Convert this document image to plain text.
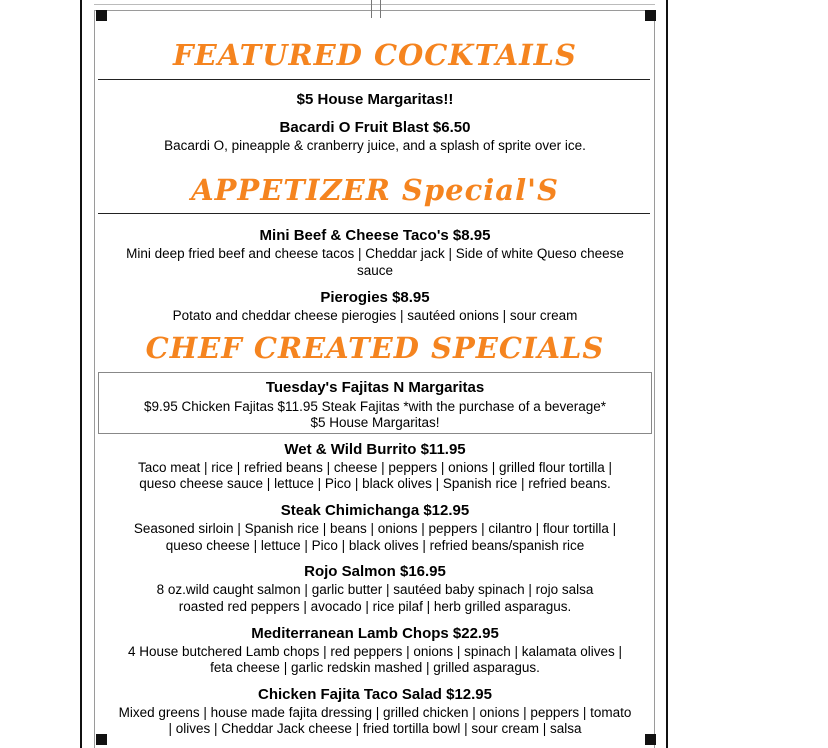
FEATURED COCKTAILS
$5 House Margaritas!!
Bacardi O Fruit Blast $6.50
Bacardi O, pineapple & cranberry juice, and a splash of sprite over ice.
APPETIZER Special'S
Mini Beef & Cheese Taco's $8.95
Mini deep fried beef and cheese tacos | Cheddar jack | Side of white Queso cheese
sauce
Pierogies $8.95
Potato and cheddar cheese pierogies | sautéed onions | sour cream
CHEF CREATED SPECIALS
Tuesday's Fajitas N Margaritas
$9.95 Chicken Fajitas $11.95 Steak Fajitas *with the purchase of a beverage*
$5 House Margaritas!
Wet & Wild Burrito $11.95
Taco meat | rice | refried beans | cheese | peppers | onions | grilled flour tortilla |
queso cheese sauce | lettuce | Pico | black olives | Spanish rice | refried beans.
Steak Chimichanga $12.95
Seasoned sirloin | Spanish rice | beans | onions | peppers | cilantro | flour tortilla |
queso cheese | lettuce | Pico | black olives | refried beans/spanish rice
Rojo Salmon $16.95
8 oz.wild caught salmon | garlic butter | sautéed baby spinach | rojo salsa
roasted red peppers | avocado | rice pilaf | herb grilled asparagus.
Mediterranean Lamb Chops $22.95
4 House butchered Lamb chops | red peppers | onions | spinach | kalamata olives |
feta cheese | garlic redskin mashed | grilled asparagus.
Chicken Fajita Taco Salad $12.95
Mixed greens | house made fajita dressing | grilled chicken | onions | peppers | tomato
| olives | Cheddar Jack cheese | fried tortilla bowl | sour cream | salsa
